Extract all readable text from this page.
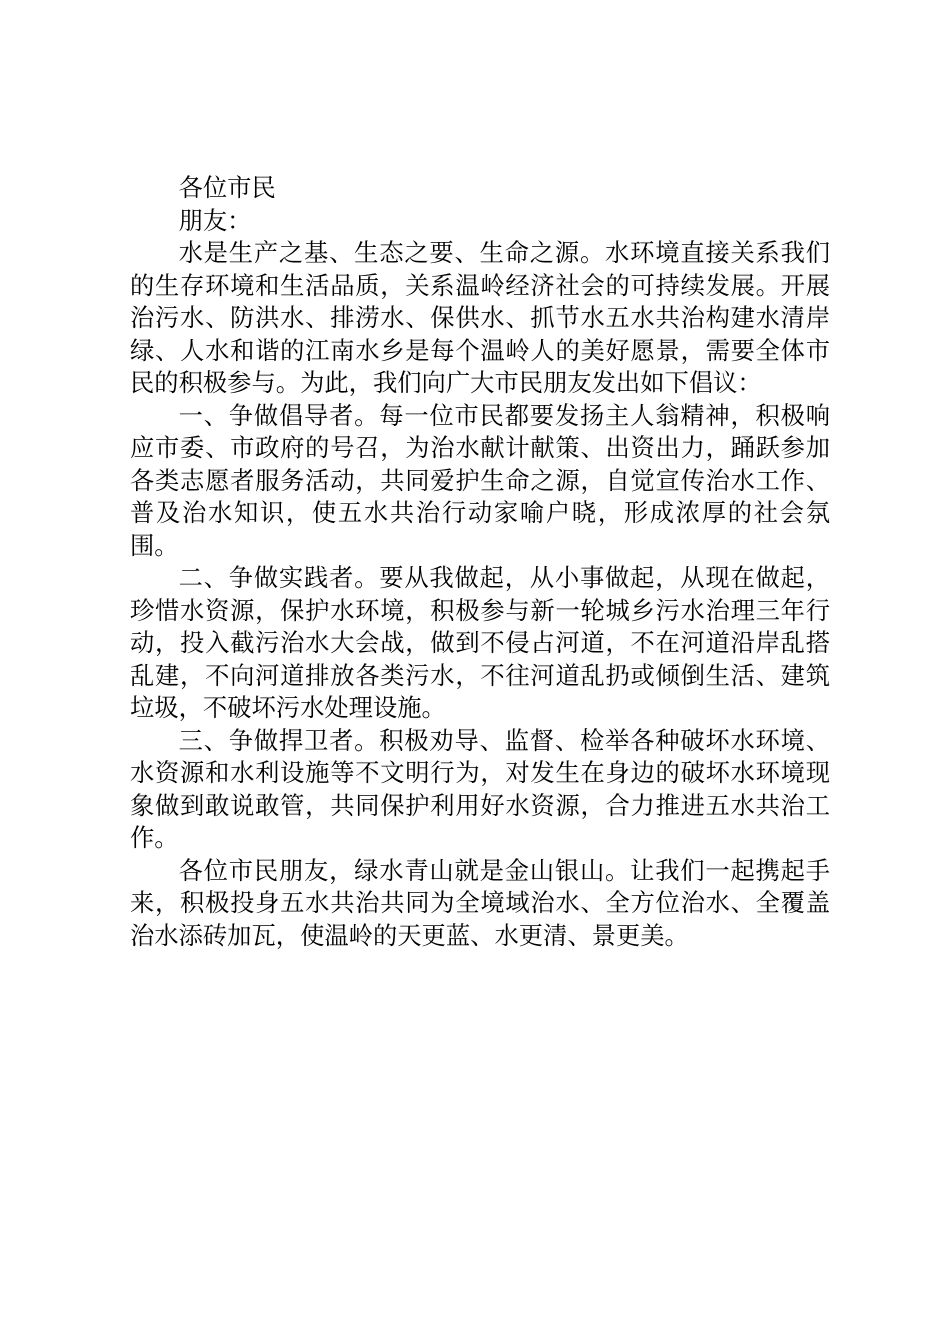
各位市民

朋友：

水是生产之基、生态之要、生命之源。水环境直接关系我们的生存环境和生活品质，关系温岭经济社会的可持续发展。开展治污水、防洪水、排涝水、保供水、抓节水五水共治构建水清岸绿、人水和谐的江南水乡是每个温岭人的美好愿景，需要全体市民的积极参与。为此，我们向广大市民朋友发出如下倡议：

一、争做倡导者。每一位市民都要发扬主人翁精神，积极响应市委、市政府的号召，为治水献计献策、出资出力，踊跃参加各类志愿者服务活动，共同爱护生命之源，自觉宣传治水工作、普及治水知识，使五水共治行动家喻户晓，形成浓厚的社会氛围。

二、争做实践者。要从我做起，从小事做起，从现在做起，珍惜水资源，保护水环境，积极参与新一轮城乡污水治理三年行动，投入截污治水大会战，做到不侵占河道，不在河道沿岸乱搭乱建，不向河道排放各类污水，不往河道乱扔或倾倒生活、建筑垃圾，不破坏污水处理设施。

三、争做捍卫者。积极劝导、监督、检举各种破坏水环境、水资源和水利设施等不文明行为，对发生在身边的破坏水环境现象做到敢说敢管，共同保护利用好水资源，合力推进五水共治工作。

各位市民朋友，绿水青山就是金山银山。让我们一起携起手来，积极投身五水共治共同为全境域治水、全方位治水、全覆盖治水添砖加瓦，使温岭的天更蓝、水更清、景更美。
